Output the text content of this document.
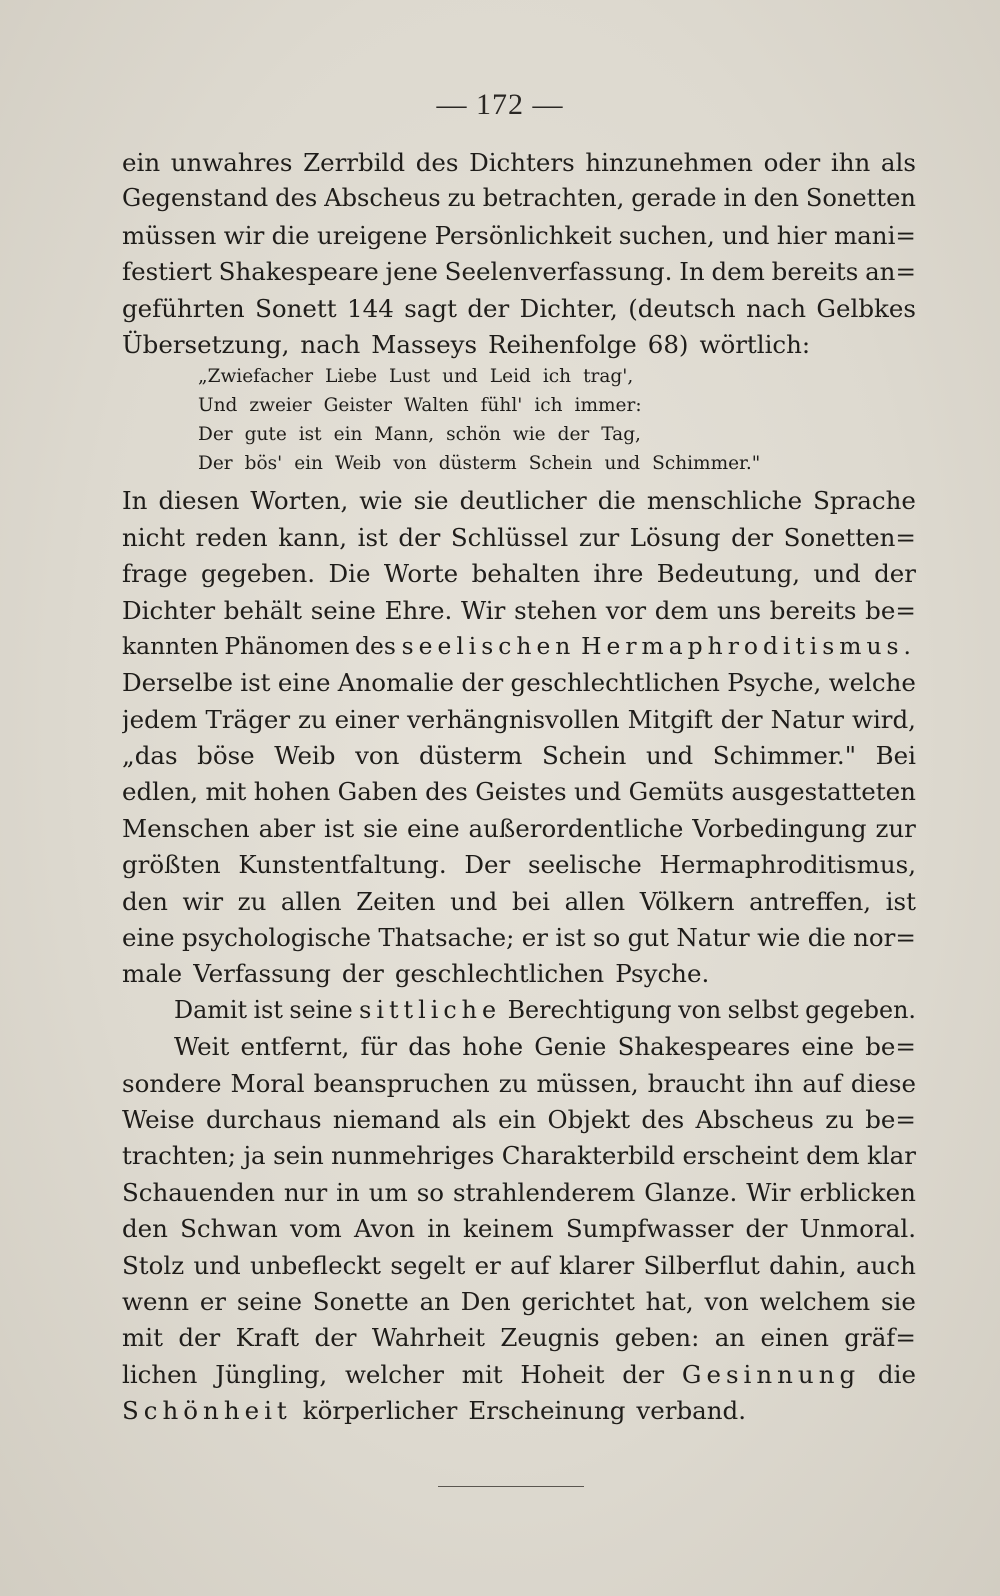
— 172 —
ein unwahres Zerrbild des Dichters hinzunehmen oder ihn als
Gegenstand des Abscheus zu betrachten, gerade in den Sonetten
müssen wir die ureigene Persönlichkeit suchen, und hier mani=
festiert Shakespeare jene Seelenverfassung. In dem bereits an=
geführten Sonett 144 sagt der Dichter, (deutsch nach Gelbkes
Übersetzung, nach Masseys Reihenfolge 68) wörtlich:
„Zwiefacher Liebe Lust und Leid ich trag',
Und zweier Geister Walten fühl' ich immer:
Der gute ist ein Mann, schön wie der Tag,
Der bös' ein Weib von düsterm Schein und Schimmer."
In diesen Worten, wie sie deutlicher die menschliche Sprache
nicht reden kann, ist der Schlüssel zur Lösung der Sonetten=
frage gegeben. Die Worte behalten ihre Bedeutung, und der
Dichter behält seine Ehre. Wir stehen vor dem uns bereits be=
kannten Phänomen des seelischen Hermaphroditismus.
Derselbe ist eine Anomalie der geschlechtlichen Psyche, welche
jedem Träger zu einer verhängnisvollen Mitgift der Natur wird,
„das böse Weib von düsterm Schein und Schimmer." Bei
edlen, mit hohen Gaben des Geistes und Gemüts ausgestatteten
Menschen aber ist sie eine außerordentliche Vorbedingung zur
größten Kunstentfaltung. Der seelische Hermaphroditismus,
den wir zu allen Zeiten und bei allen Völkern antreffen, ist
eine psychologische Thatsache; er ist so gut Natur wie die nor=
male Verfassung der geschlechtlichen Psyche.
Damit ist seine sittliche Berechtigung von selbst gegeben.
Weit entfernt, für das hohe Genie Shakespeares eine be=
sondere Moral beanspruchen zu müssen, braucht ihn auf diese
Weise durchaus niemand als ein Objekt des Abscheus zu be=
trachten; ja sein nunmehriges Charakterbild erscheint dem klar
Schauenden nur in um so strahlenderem Glanze. Wir erblicken
den Schwan vom Avon in keinem Sumpfwasser der Unmoral.
Stolz und unbefleckt segelt er auf klarer Silberflut dahin, auch
wenn er seine Sonette an Den gerichtet hat, von welchem sie
mit der Kraft der Wahrheit Zeugnis geben: an einen gräf=
lichen Jüngling, welcher mit Hoheit der Gesinnung die
Schönheit körperlicher Erscheinung verband.
